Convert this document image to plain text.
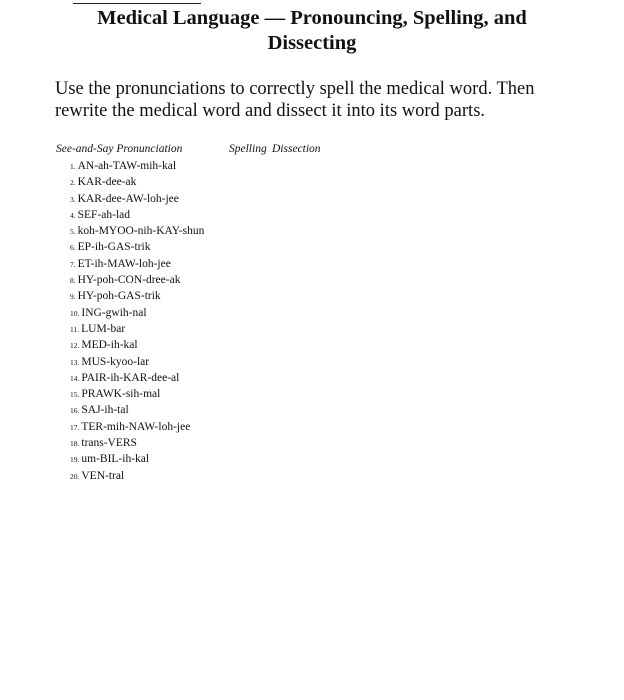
Medical Language — Pronouncing, Spelling, and Dissecting

Use the pronunciations to correctly spell the medical word. Then rewrite the medical word and dissect it into its word parts.

See-and-Say Pronunciation	Spelling Dissection
1. AN-ah-TAW-mih-kal
2. KAR-dee-ak
3. KAR-dee-AW-loh-jee
4. SEF-ah-lad
5. koh-MYOO-nih-KAY-shun
6. EP-ih-GAS-trik
7. ET-ih-MAW-loh-jee
8. HY-poh-CON-dree-ak
9. HY-poh-GAS-trik
10. ING-gwih-nal
11. LUM-bar
12. MED-ih-kal
13. MUS-kyoo-lar
14. PAIR-ih-KAR-dee-al
15. PRAWK-sih-mal
16. SAJ-ih-tal
17. TER-mih-NAW-loh-jee
18. trans-VERS
19. um-BIL-ih-kal
20. VEN-tral
